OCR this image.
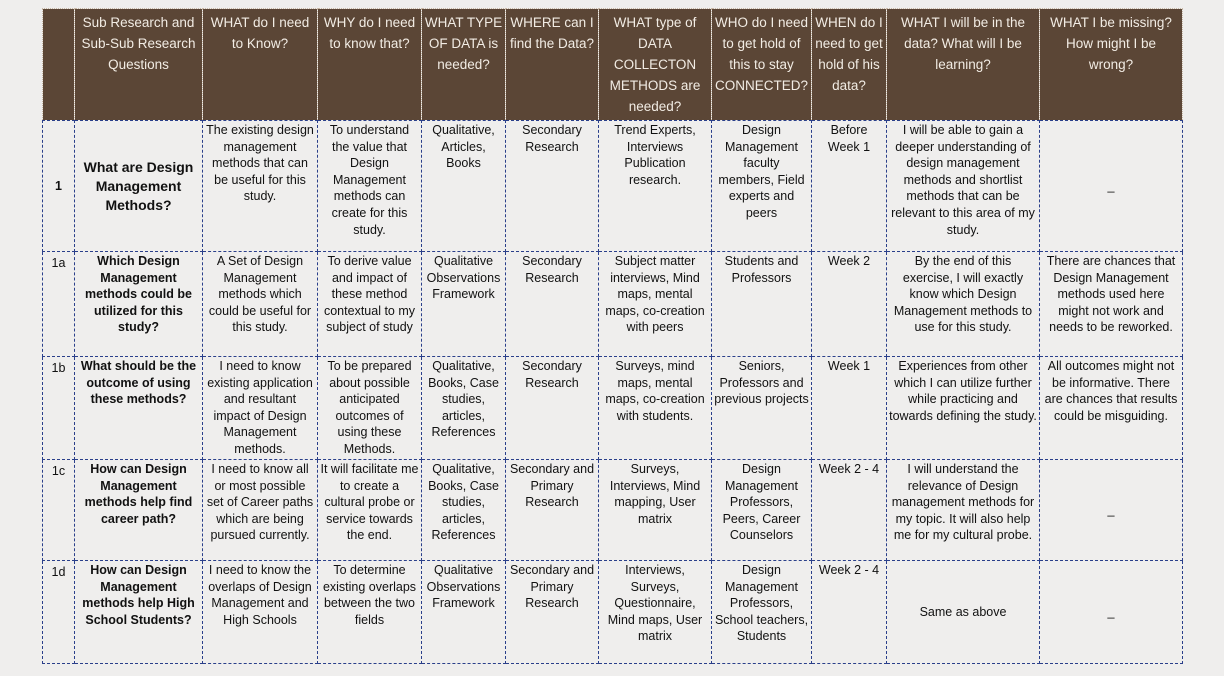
	Sub Research and Sub-Sub Research Questions	WHAT do I need to Know?	WHY do I need to know that?	WHAT TYPE OF DATA is needed?	WHERE can I find the Data?	WHAT type of DATA COLLECTON METHODS are needed?	WHO do I need to get hold of this to stay CONNECTED?	WHEN do I need to get hold of his data?	WHAT I will be in the data? What will I be learning?	WHAT I be missing? How might I be wrong?
1	What are Design Management Methods?	The existing design management methods that can be useful for this study.	To understand the value that Design Management methods can create for this study.	Qualitative, Articles, Books	Secondary Research	Trend Experts, Interviews Publication research.	Design Management faculty members, Field experts and peers	Before Week 1	I will be able to gain a deeper understanding of design management methods and shortlist methods that can be relevant to this area of my study.	_
1a	Which Design Management methods could be utilized for this study?	A Set of Design Management methods which could be useful for this study.	To derive value and impact of these method contextual to my subject of study	Qualitative Observations Framework	Secondary Research	Subject matter interviews, Mind maps, mental maps, co-creation with peers	Students and Professors	Week 2	By the end of this exercise, I will exactly know which Design Management methods to use for this study.	There are chances that Design Management methods used here might not work and needs to be reworked.
1b	What should be the outcome of using these methods?	I need to know existing application and resultant impact of Design Management methods.	To be prepared about possible anticipated outcomes of using these Methods.	Qualitative, Books, Case studies, articles, References	Secondary Research	Surveys, mind maps, mental maps, co-creation with students.	Seniors, Professors and previous projects	Week 1	Experiences from other which I can utilize further while practicing and towards defining the study.	All outcomes might not be informative. There are chances that results could be misguiding.
1c	How can Design Management methods help find career path?	I need to know all or most possible set of Career paths which are being pursued currently.	It will facilitate me to create a cultural probe or service towards the end.	Qualitative, Books, Case studies, articles, References	Secondary and Primary Research	Surveys, Interviews, Mind mapping, User matrix	Design Management Professors, Peers, Career Counselors	Week 2 - 4	I will understand the relevance of Design management methods for my topic. It will also help me for my cultural probe.	_
1d	How can Design Management methods help High School Students?	I need to know the overlaps of Design Management and High Schools	To determine existing overlaps between the two fields	Qualitative Observations Framework	Secondary and Primary Research	Interviews, Surveys, Questionnaire, Mind maps, User matrix	Design Management Professors, School teachers, Students	Week 2 - 4	Same as above	_
